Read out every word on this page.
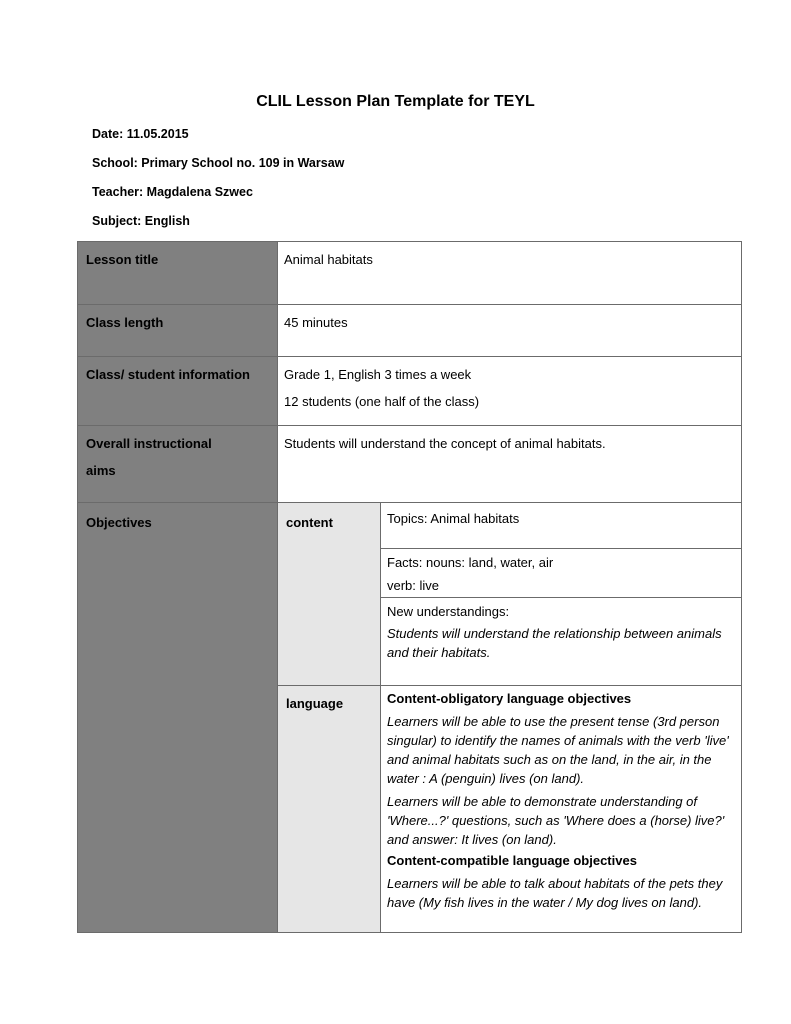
CLIL Lesson Plan Template for TEYL
Date: 11.05.2015
School: Primary School no. 109 in Warsaw
Teacher: Magdalena Szwec
Subject: English
Lesson title	Animal habitats	
Class length	45 minutes	
Class/ student information	Grade 1, English 3 times a week
12 students (one half of the class)	

Overall instructional
aims	Students will understand the concept of animal habitats.	
Objectives	content	Topics: Animal habitats

		Facts: nouns: land, water, air
verb: live

		New understandings:
Students will understand the relationship between animals and their habitats.

	language	Content-obligatory language objectives

Learners will be able to use the present tense (3rd person singular) to identify the names of animals with the verb 'live' and animal habitats such as on the land, in the air, in the water : A (penguin) lives (on land).

Learners will be able to demonstrate understanding of 'Where...?' questions, such as 'Where does a (horse) live?' and answer: It lives (on land).

Content-compatible language objectives

Learners will be able to talk about habitats of the pets they have (My fish lives in the water / My dog lives on land).
